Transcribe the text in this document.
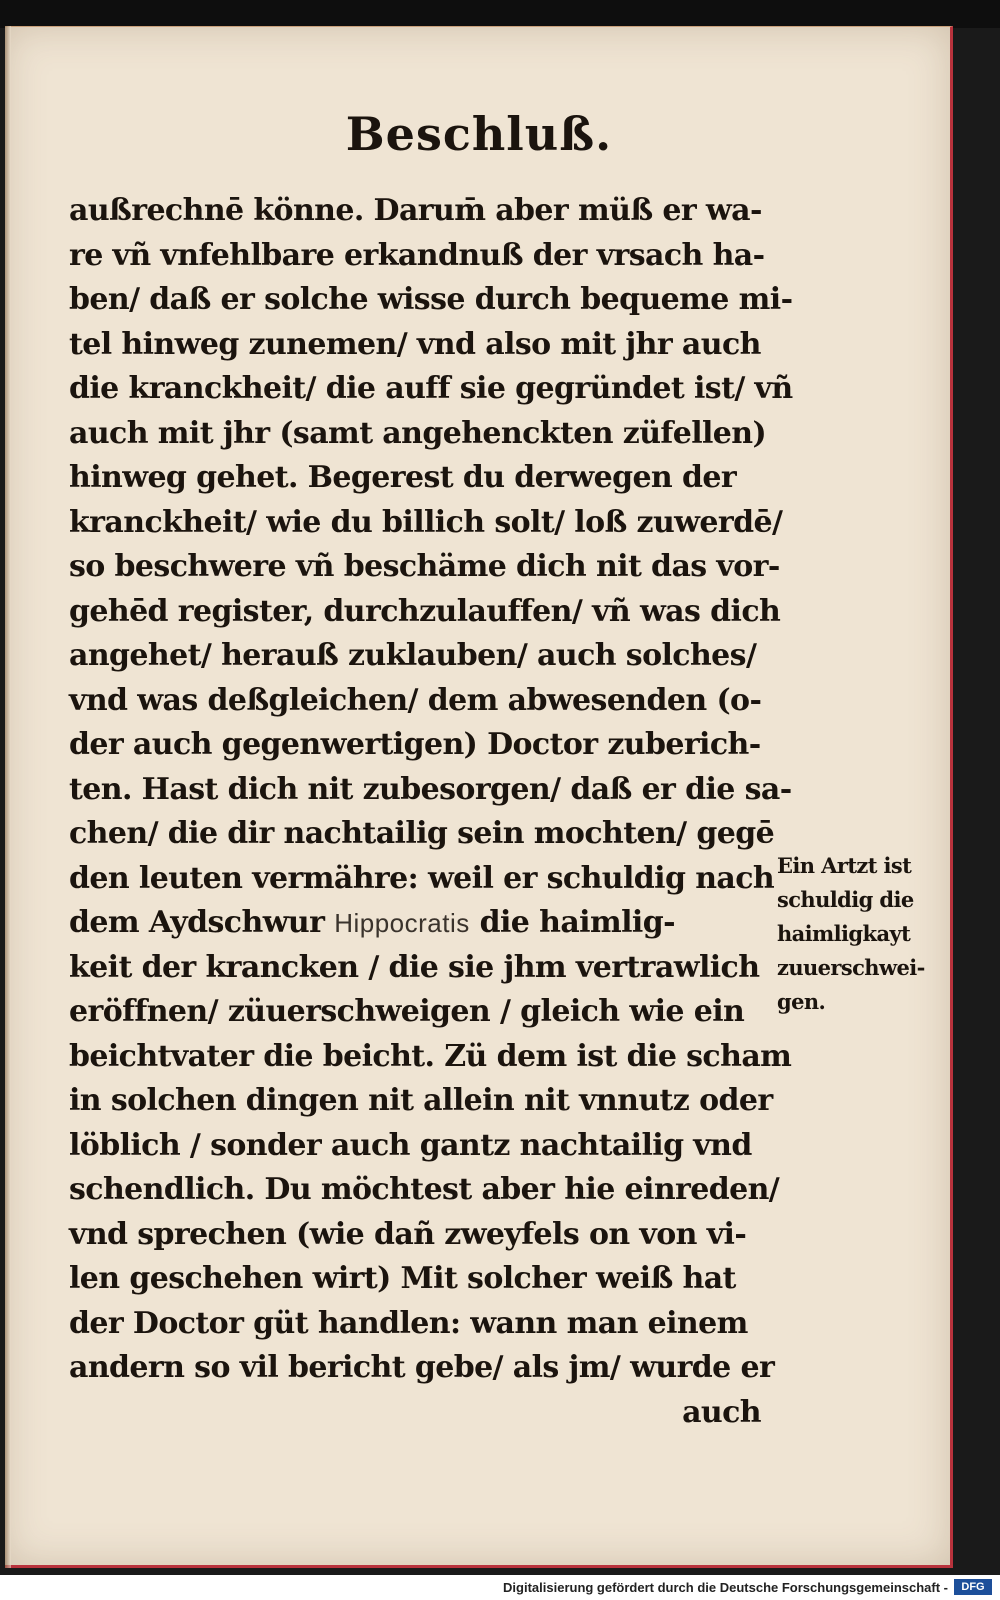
Beschluß.
außrechnē könne. Darum̄ aber müß er wa-
re vñ vnfehlbare erkandnuß der vrsach ha-
ben/ daß er solche wisse durch bequeme mi-
tel hinweg zunemen/ vnd also mit jhr auch
die kranckheit/ die auff sie gegründet ist/ vñ
auch mit jhr (samt angehenckten züfellen)
hinweg gehet. Begerest du derwegen der
kranckheit/ wie du billich solt/ loß zuwerdē/
so beschwere vñ beschäme dich nit das vor-
gehēd register, durchzulauffen/ vñ was dich
angehet/ herauß zuklauben/ auch solches/
vnd was deßgleichen/ dem abwesenden (o-
der auch gegenwertigen) Doctor zuberich-
ten. Hast dich nit zubesorgen/ daß er die sa-
chen/ die dir nachtailig sein mochten/ gegē
den leuten vermähre: weil er schuldig nach
dem Aydschwur Hippocratis die haimlig-
keit der krancken / die sie jhm vertrawlich
eröffnen/ züuerschweigen / gleich wie ein
beichtvater die beicht. Zü dem ist die scham
in solchen dingen nit allein nit vnnutz oder
löblich / sonder auch gantz nachtailig vnd
schendlich. Du möchtest aber hie einreden/
vnd sprechen (wie dañ zweyfels on von vi-
len geschehen wirt) Mit solcher weiß hat
der Doctor güt handlen: wann man einem
andern so vil bericht gebe/ als jm/ wurde er
auch
Ein Artzt ist
schuldig die
haimligkayt
zuuerschwei-
gen.
Digitalisierung gefördert durch die Deutsche Forschungsgemeinschaft -	DFG
